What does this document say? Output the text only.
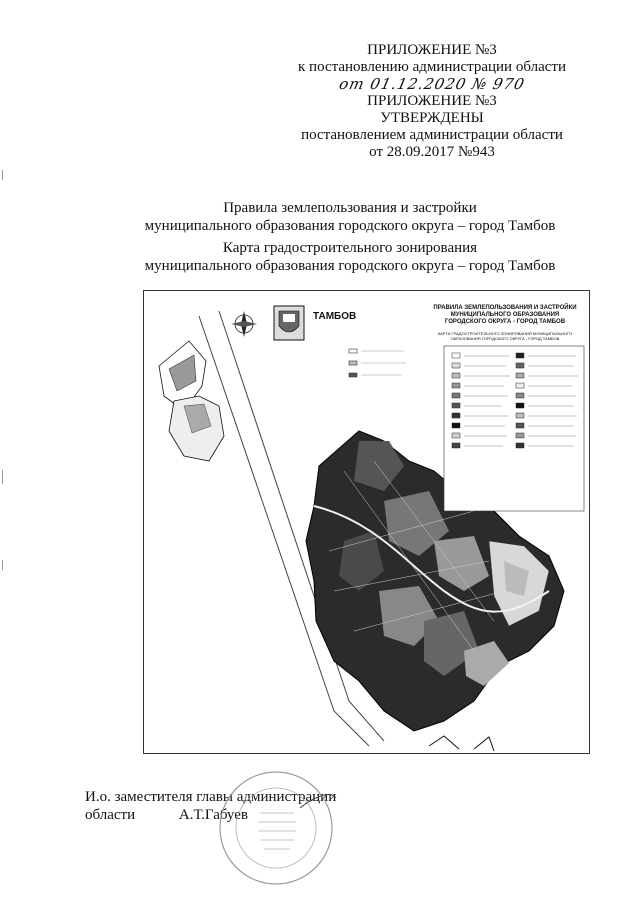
ПРИЛОЖЕНИЕ №3
к постановлению администрации области
от 01.12.2020 № 970
ПРИЛОЖЕНИЕ №3
УТВЕРЖДЕНЫ
постановлением администрации области
от 28.09.2017 №943
Правила землепользования и застройки
муниципального образования городского округа – город Тамбов
Карта градостроительного зонирования
муниципального образования городского округа – город Тамбов
ТАМБОВ
ПРАВИЛА ЗЕМЛЕПОЛЬЗОВАНИЯ И ЗАСТРОЙКИ МУНИЦИПАЛЬНОГО ОБРАЗОВАНИЯ ГОРОДСКОГО ОКРУГА - ГОРОД ТАМБОВ
КАРТА ГРАДОСТРОИТЕЛЬНОГО ЗОНИРОВАНИЯ МУНИЦИПАЛЬНОГО ОБРАЗОВАНИЯ ГОРОДСКОГО ОКРУГА - ГОРОД ТАМБОВ
И.о. заместителя главы администрации
области	А.Т.Габуев
